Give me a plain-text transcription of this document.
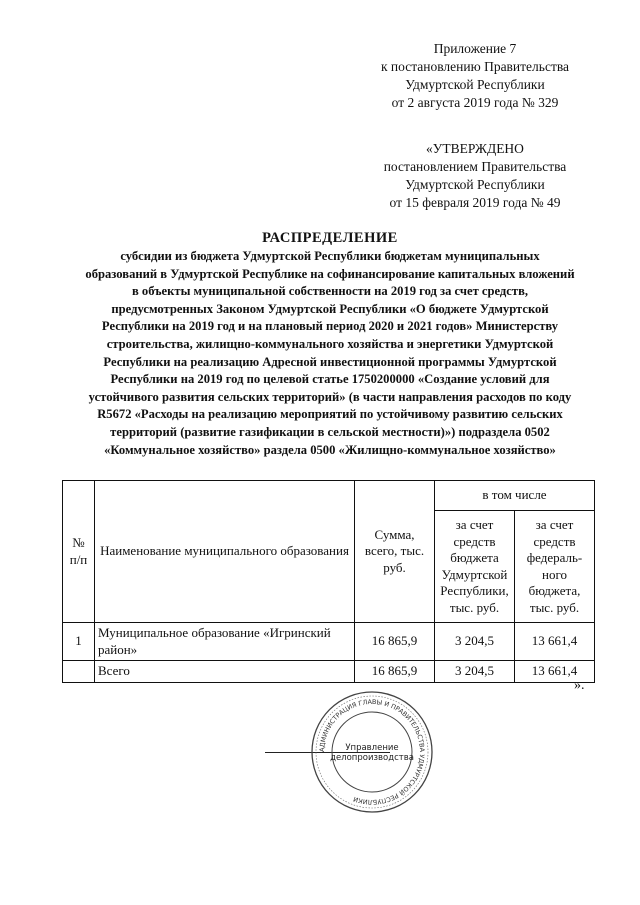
Приложение 7
к постановлению Правительства
Удмуртской Республики
от 2 августа 2019 года № 329
«УТВЕРЖДЕНО
постановлением Правительства
Удмуртской Республики
от 15 февраля 2019 года № 49
РАСПРЕДЕЛЕНИЕ
субсидии из бюджета Удмуртской Республики бюджетам муниципальных
образований в Удмуртской Республике на софинансирование капитальных вложений
в объекты муниципальной собственности на 2019 год за счет средств,
предусмотренных Законом Удмуртской Республики «О бюджете Удмуртской
Республики на 2019 год и на плановый период 2020 и 2021 годов» Министерству
строительства, жилищно-коммунального хозяйства и энергетики Удмуртской
Республики на реализацию Адресной инвестиционной программы Удмуртской
Республики на 2019 год по целевой статье 1750200000 «Создание условий для
устойчивого развития сельских территорий» (в части направления расходов по коду
R5672 «Расходы на реализацию мероприятий по устойчивому развитию сельских
территорий (развитие газификации в сельской местности)») подраздела 0502
«Коммунальное хозяйство» раздела 0500 «Жилищно-коммунальное хозяйство»
№ п/п	Наименование муниципального образования	Сумма, всего, тыс. руб.	в том числе	
			за счет средств бюджета Удмуртской Республики, тыс. руб.	за счет средств федераль-ного бюджета, тыс. руб.
1	Муниципальное образование «Игринский район»	16 865,9	3 204,5	13 661,4
	Всего	16 865,9	3 204,5	13 661,4
».
АДМИНИСТРАЦИЯ ГЛАВЫ И ПРАВИТЕЛЬСТВА УДМУРТСКОЙ РЕСПУБЛИКИ
Управление
делопроизводства
